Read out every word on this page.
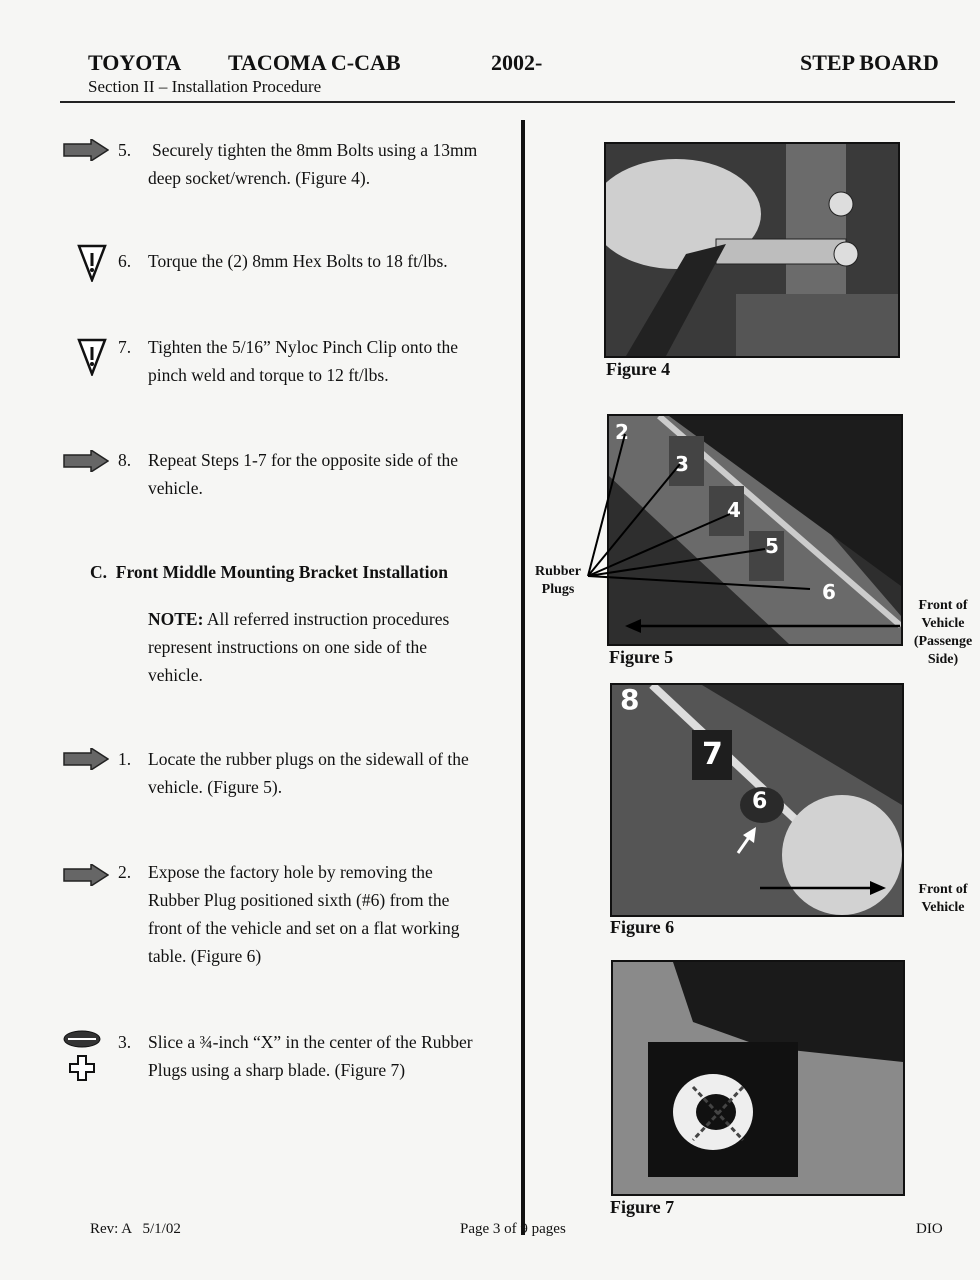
TOYOTA TACOMA C-CAB	2002-	STEP BOARD
Section II – Installation Procedure
5. Securely tighten the 8mm Bolts using a 13mm
deep socket/wrench. (Figure 4).
6. Torque the (2) 8mm Hex Bolts to 18 ft/lbs.
7. Tighten the 5/16” Nyloc Pinch Clip onto the
pinch weld and torque to 12 ft/lbs.
8. Repeat Steps 1-7 for the opposite side of the
vehicle.
C.  Front Middle Mounting Bracket Installation
NOTE: All referred instruction procedures
represent instructions on one side of the
vehicle.
1. Locate the rubber plugs on the sidewall of the
vehicle. (Figure 5).
2. Expose the factory hole by removing the
Rubber Plug positioned sixth (#6) from the
front of the vehicle and set on a flat working
table. (Figure 6)
3. Slice a ¾-inch “X” in the center of the Rubber
Plugs using a sharp blade. (Figure 7)
Figure 4
2
3
4
5
6
Rubber
Plugs
Front of
Vehicle
(Passenge
Side)
Figure 5
8
7
6
Front of
Vehicle
Figure 6
Figure 7
Rev: A   5/1/02	Page 3 of 9 pages	DIO
